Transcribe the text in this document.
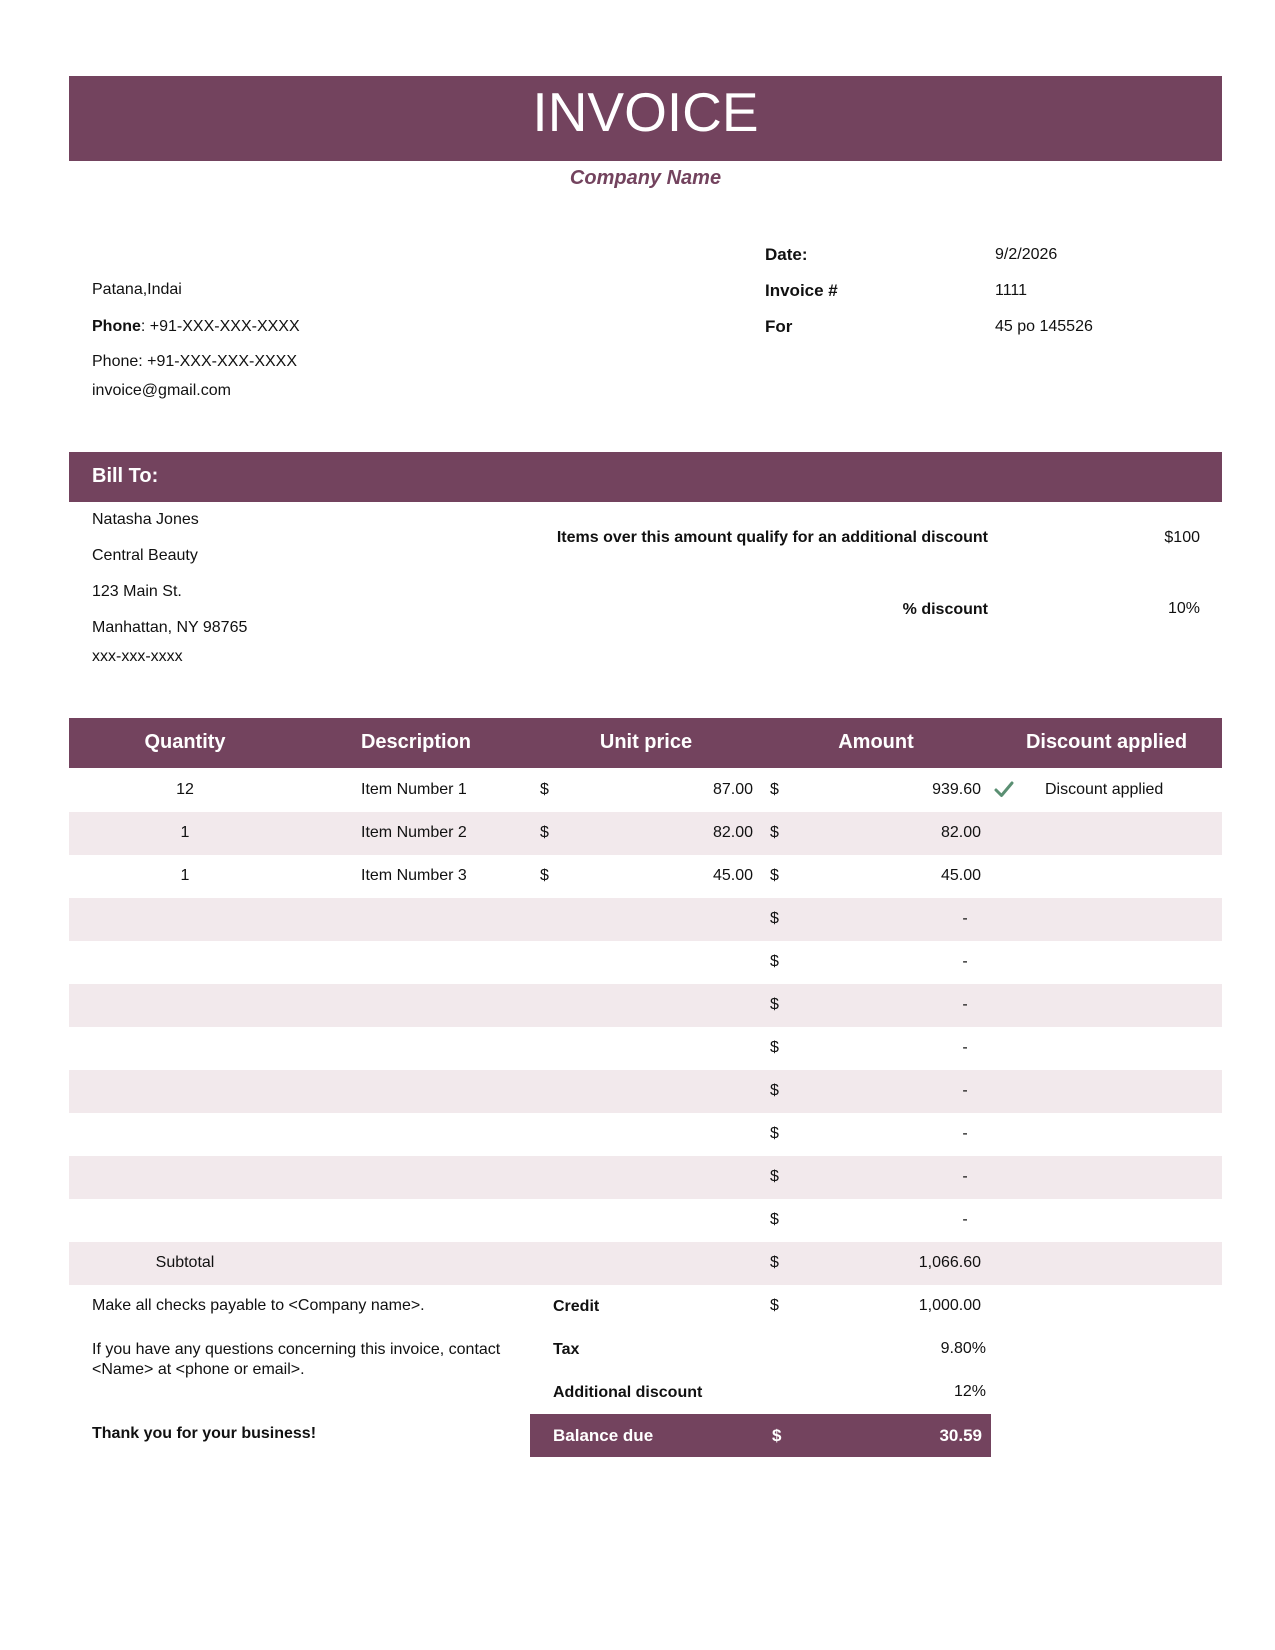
INVOICE
Company Name
Patana,Indai
Phone: +91-XXX-XXX-XXXX
Phone: +91-XXX-XXX-XXXX
invoice@gmail.com
Date:	9/2/2026
Invoice #	1111
For	45 po 145526
Bill To:
Natasha Jones
Central Beauty
123 Main St.
Manhattan, NY 98765
xxx-xxx-xxxx
Items over this amount qualify for an additional discount	$100
% discount	10%
Quantity	Description	Unit price	Amount	Discount applied
12	Item Number 1	$	87.00 $	939.60	Discount applied
1	Item Number 2	$	82.00 $	82.00
1	Item Number 3	$	45.00 $	45.00
$	-
$	-
$	-
$	-
$	-
$	-
$	-
$	-
Subtotal	$	1,066.60
Credit	$	1,000.00
Tax	9.80%
Additional discount	12%
Balance due	$	30.59
Make all checks payable to <Company name>.
If you have any questions concerning this invoice, contact
<Name> at <phone or email>.
Thank you for your business!
